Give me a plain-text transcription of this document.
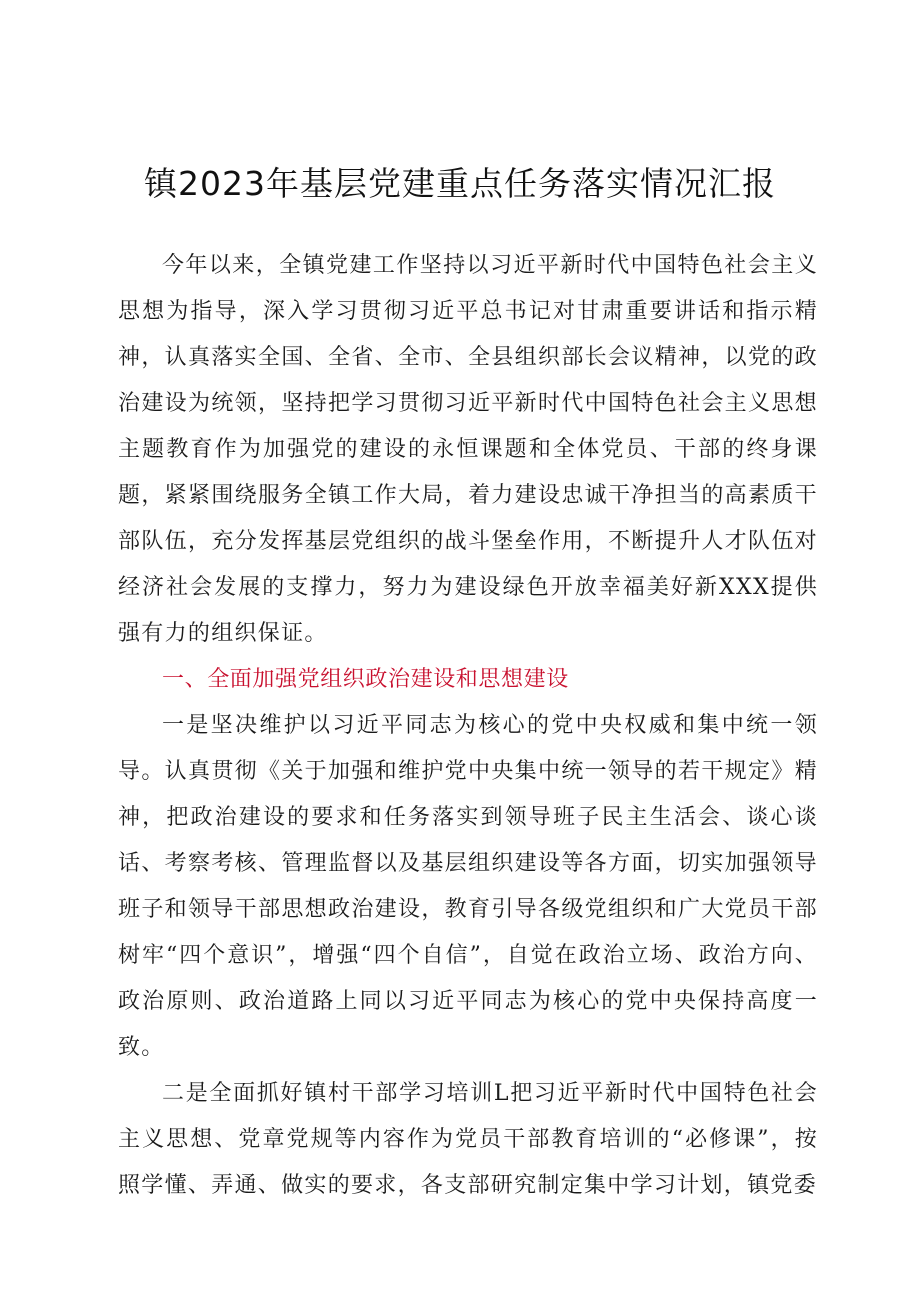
镇2023年基层党建重点任务落实情况汇报

今年以来，全镇党建工作坚持以习近平新时代中国特色社会主义思想为指导，深入学习贯彻习近平总书记对甘肃重要讲话和指示精神，认真落实全国、全省、全市、全县组织部长会议精神，以党的政治建设为统领，坚持把学习贯彻习近平新时代中国特色社会主义思想主题教育作为加强党的建设的永恒课题和全体党员、干部的终身课题，紧紧围绕服务全镇工作大局，着力建设忠诚干净担当的高素质干部队伍，充分发挥基层党组织的战斗堡垒作用，不断提升人才队伍对经济社会发展的支撑力，努力为建设绿色开放幸福美好新XXX提供强有力的组织保证。

一、全面加强党组织政治建设和思想建设

一是坚决维护以习近平同志为核心的党中央权威和集中统一领导。认真贯彻《关于加强和维护党中央集中统一领导的若干规定》精神，把政治建设的要求和任务落实到领导班子民主生活会、谈心谈话、考察考核、管理监督以及基层组织建设等各方面，切实加强领导班子和领导干部思想政治建设，教育引导各级党组织和广大党员干部树牢“四个意识”，增强“四个自信”，自觉在政治立场、政治方向、政治原则、政治道路上同以习近平同志为核心的党中央保持高度一致。

二是全面抓好镇村干部学习培训L把习近平新时代中国特色社会主义思想、党章党规等内容作为党员干部教育培训的“必修课”，按照学懂、弄通、做实的要求，各支部研究制定集中学习计划，镇党委
